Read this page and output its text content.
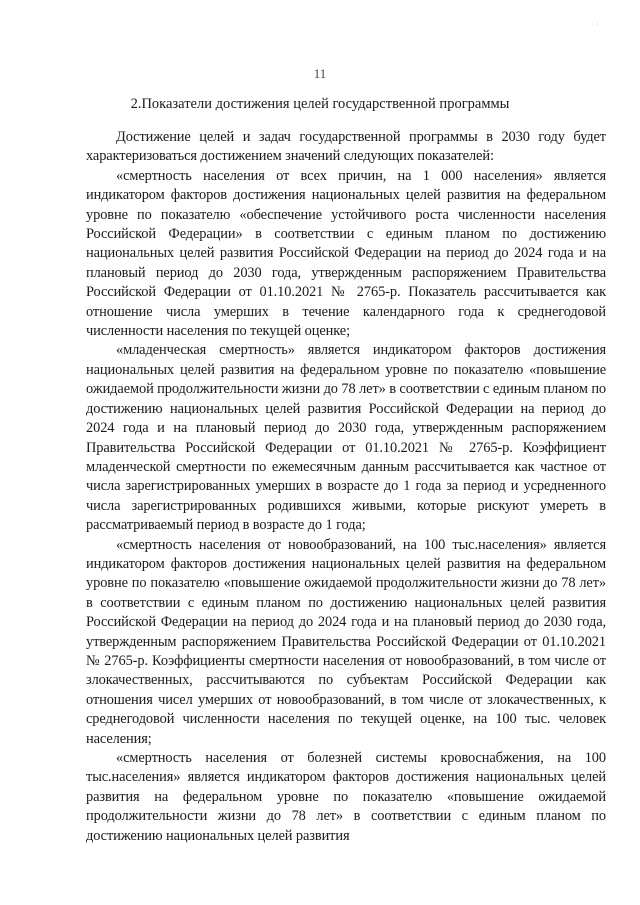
·
11
2.Показатели достижения целей государственной программы

Достижение целей и задач государственной программы в 2030 году будет характеризоваться достижением значений следующих показателей:

«смертность населения от всех причин, на 1 000 населения» является индикатором факторов достижения национальных целей развития на федеральном уровне по показателю «обеспечение устойчивого роста численности населения Российской Федерации» в соответствии с единым планом по достижению национальных целей развития Российской Федерации на период до 2024 года и на плановый период до 2030 года, утвержденным распоряжением Правительства Российской Федерации от 01.10.2021 № 2765-р. Показатель рассчитывается как отношение числа умерших в течение календарного года к среднегодовой численности населения по текущей оценке;

«младенческая смертность» является индикатором факторов достижения национальных целей развития на федеральном уровне по показателю «повышение ожидаемой продолжительности жизни до 78 лет» в соответствии с единым планом по достижению национальных целей развития Российской Федерации на период до 2024 года и на плановый период до 2030 года, утвержденным распоряжением Правительства Российской Федерации от 01.10.2021 № 2765-р. Коэффициент младенческой смертности по ежемесячным данным рассчитывается как частное от числа зарегистрированных умерших в возрасте до 1 года за период и усредненного числа зарегистрированных родившихся живыми, которые рискуют умереть в рассматриваемый период в возрасте до 1 года;

«смертность населения от новообразований, на 100 тыс.населения» является индикатором факторов достижения национальных целей развития на федеральном уровне по показателю «повышение ожидаемой продолжительности жизни до 78 лет» в соответствии с единым планом по достижению национальных целей развития Российской Федерации на период до 2024 года и на плановый период до 2030 года, утвержденным распоряжением Правительства Российской Федерации от 01.10.2021 № 2765-р. Коэффициенты смертности населения от новообразований, в том числе от злокачественных, рассчитываются по субъектам Российской Федерации как отношения чисел умерших от новообразований, в том числе от злокачественных, к среднегодовой численности населения по текущей оценке, на 100 тыс. человек населения;

«смертность населения от болезней системы кровоснабжения, на 100 тыс.населения» является индикатором факторов достижения национальных целей развития на федеральном уровне по показателю «повышение ожидаемой продолжительности жизни до 78 лет» в соответствии с единым планом по достижению национальных целей развития
